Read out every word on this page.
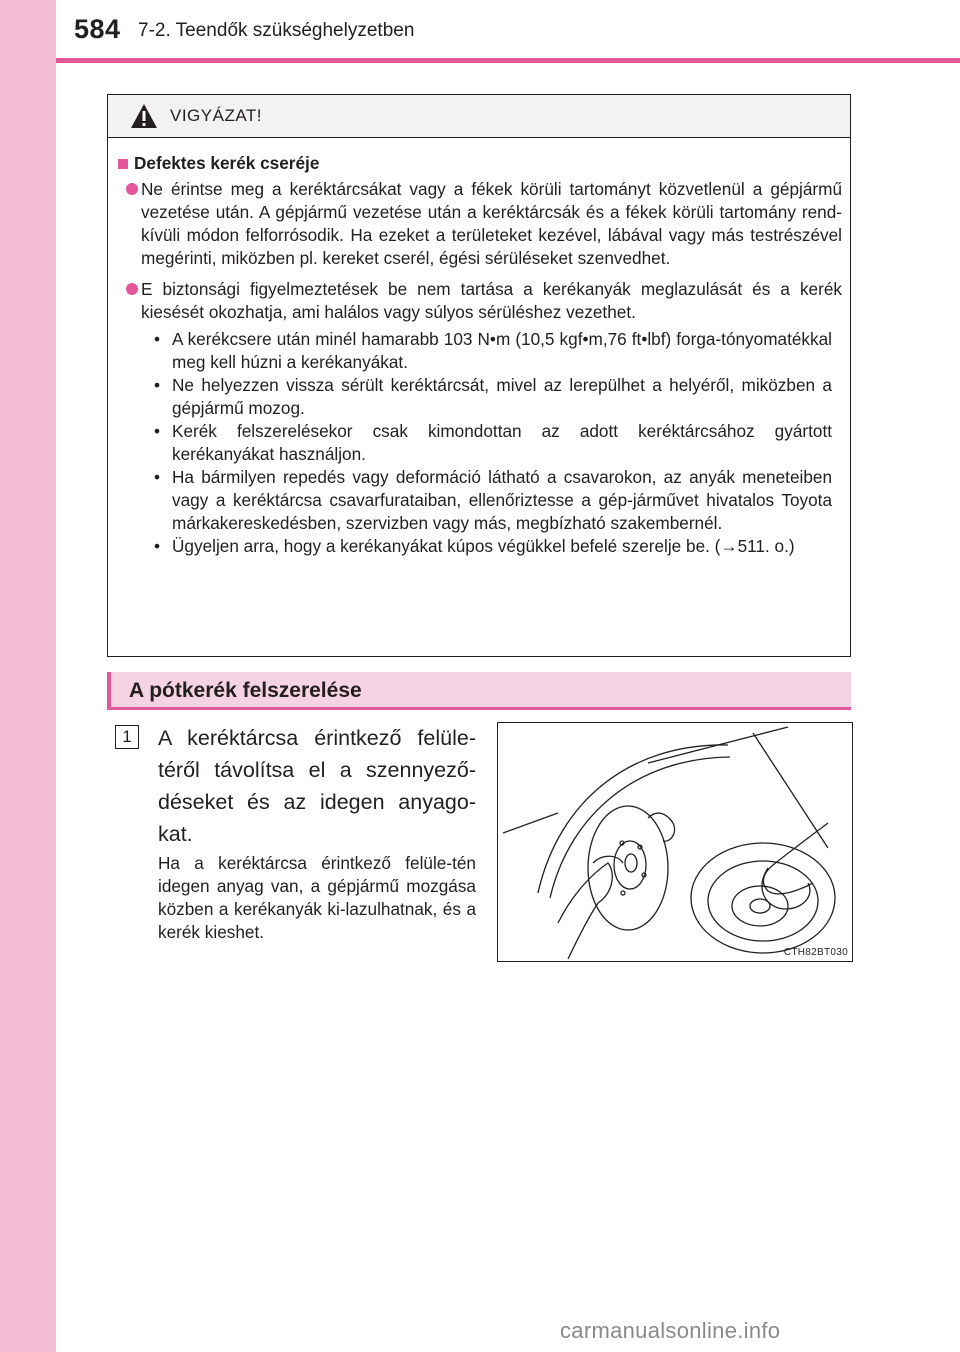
584 7-2. Teendők szükséghelyzetben
VIGYÁZAT!
Defektes kerék cseréje
Ne érintse meg a keréktárcsákat vagy a fékek körüli tartományt közvetlenül a gépjármű vezetése után. A gépjármű vezetése után a keréktárcsák és a fékek körüli tartomány rend-kívüli módon felforrósodik. Ha ezeket a területeket kezével, lábával vagy más testrészével megérinti, miközben pl. kereket cserél, égési sérüléseket szenvedhet.
E biztonsági figyelmeztetések be nem tartása a kerékanyák meglazulását és a kerék kiesését okozhatja, ami halálos vagy súlyos sérüléshez vezethet.
• A kerékcsere után minél hamarabb 103 N•m (10,5 kgf•m,76 ft•lbf) forga-tónyomatékkal meg kell húzni a kerékanyákat.
• Ne helyezzen vissza sérült keréktárcsát, mivel az lerepülhet a helyéről, miközben a gépjármű mozog.
• Kerék felszerelésekor csak kimondottan az adott keréktárcsához gyártott kerékanyákat használjon.
• Ha bármilyen repedés vagy deformáció látható a csavarokon, az anyák meneteiben vagy a keréktárcsa csavarfurataiban, ellenőriztesse a gép-járművet hivatalos Toyota márkakereskedésben, szervizben vagy más, megbízható szakembernél.
• Ügyeljen arra, hogy a kerékanyákat kúpos végükkel befelé szerelje be. (→511. o.)
A pótkerék felszerelése
1	A keréktárcsa érintkező felüle-téről távolítsa el a szennyező-déseket és az idegen anyago-kat.
Ha a keréktárcsa érintkező felüle-tén idegen anyag van, a gépjármű mozgása közben a kerékanyák ki-lazulhatnak, és a kerék kieshet.
CTH82BT030
carmanualsonline.info
